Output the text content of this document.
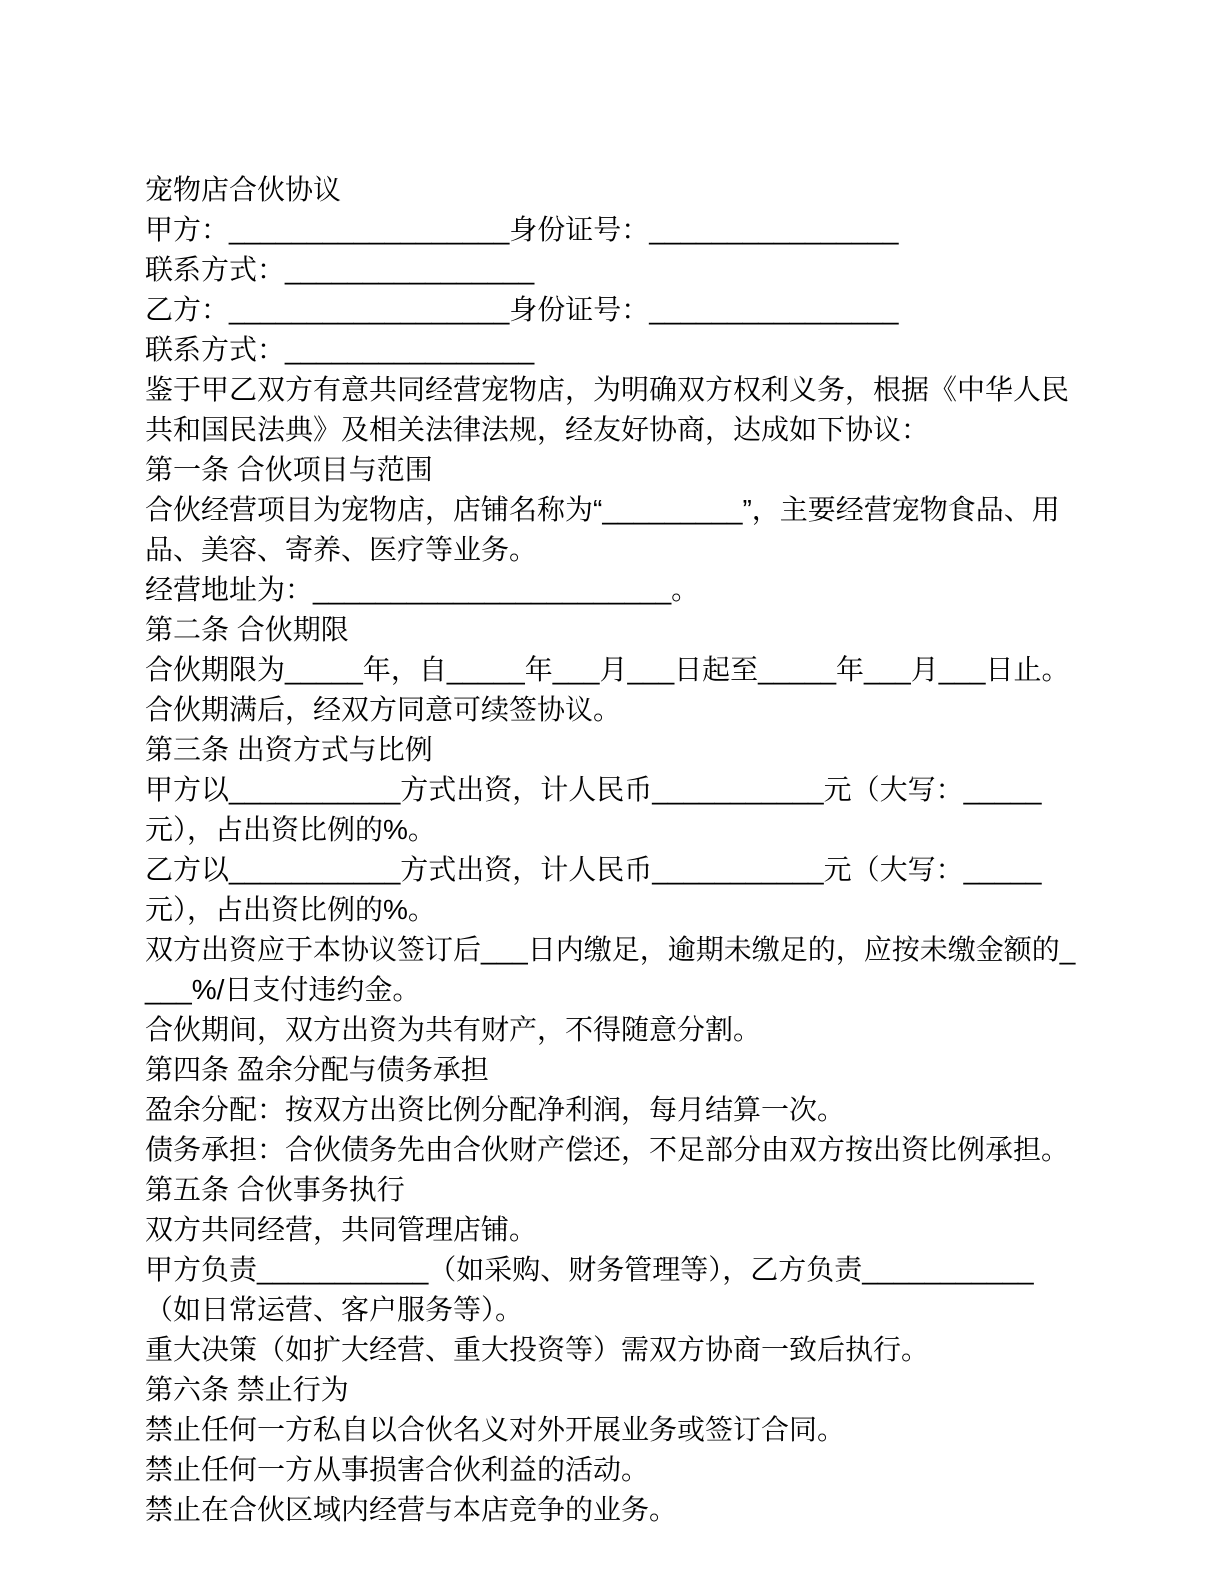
宠物店合伙协议

甲方：__________________身份证号：________________

联系方式：________________

乙方：__________________身份证号：________________

联系方式：________________

鉴于甲乙双方有意共同经营宠物店，为明确双方权利义务，根据《中华人民共和国民法典》及相关法律法规，经友好协商，达成如下协议：

第一条 合伙项目与范围

合伙经营项目为宠物店，店铺名称为“_________”，主要经营宠物食品、用品、美容、寄养、医疗等业务。

经营地址为：_______________________。

第二条 合伙期限

合伙期限为_____年，自_____年___月___日起至_____年___月___日止。

合伙期满后，经双方同意可续签协议。

第三条 出资方式与比例

甲方以___________方式出资，计人民币___________元（大写：_____元），占出资比例的%。

乙方以___________方式出资，计人民币___________元（大写：_____元），占出资比例的%。

双方出资应于本协议签订后___日内缴足，逾期未缴足的，应按未缴金额的____%/日支付违约金。

合伙期间，双方出资为共有财产，不得随意分割。

第四条 盈余分配与债务承担

盈余分配：按双方出资比例分配净利润，每月结算一次。

债务承担：合伙债务先由合伙财产偿还，不足部分由双方按出资比例承担。

第五条 合伙事务执行

双方共同经营，共同管理店铺。

甲方负责___________（如采购、财务管理等），乙方负责___________（如日常运营、客户服务等）。

重大决策（如扩大经营、重大投资等）需双方协商一致后执行。

第六条 禁止行为

禁止任何一方私自以合伙名义对外开展业务或签订合同。

禁止任何一方从事损害合伙利益的活动。

禁止在合伙区域内经营与本店竞争的业务。
